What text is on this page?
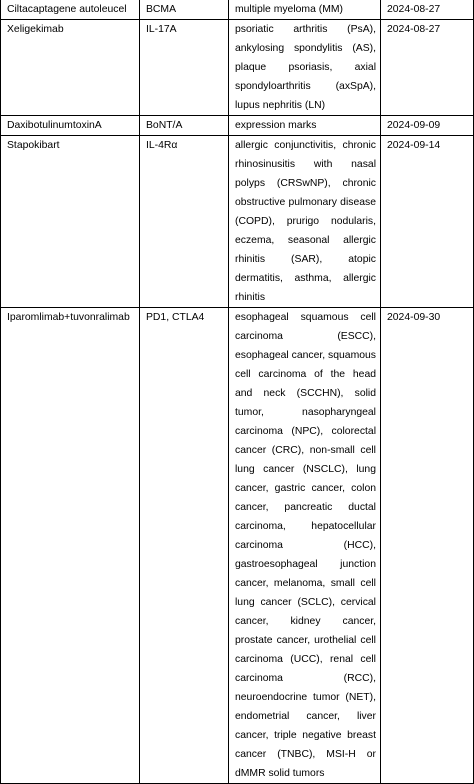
Ciltacaptagene autoleucel	BCMA	multiple myeloma (MM)	2024-08-27
Xeligekimab	IL-17A	psoriatic arthritis (PsA), ankylosing spondylitis (AS), plaque psoriasis, axial spondyloarthritis (axSpA), lupus nephritis (LN)	2024-08-27
DaxibotulinumtoxinA	BoNT/A	expression marks	2024-09-09
Stapokibart	IL-4Rα	allergic conjunctivitis, chronic rhinosinusitis with nasal polyps (CRSwNP), chronic obstructive pulmonary disease (COPD), prurigo nodularis, eczema, seasonal allergic rhinitis (SAR), atopic dermatitis, asthma, allergic rhinitis	2024-09-14
Iparomlimab+tuvonralimab	PD1, CTLA4	esophageal squamous cell carcinoma (ESCC), esophageal cancer, squamous cell carcinoma of the head and neck (SCCHN), solid tumor, nasopharyngeal carcinoma (NPC), colorectal cancer (CRC), non-small cell lung cancer (NSCLC), lung cancer, gastric cancer, colon cancer, pancreatic ductal carcinoma, hepatocellular carcinoma (HCC), gastroesophageal junction cancer, melanoma, small cell lung cancer (SCLC), cervical cancer, kidney cancer, prostate cancer, urothelial cell carcinoma (UCC), renal cell carcinoma (RCC), neuroendocrine tumor (NET), endometrial cancer, liver cancer, triple negative breast cancer (TNBC), MSI-H or dMMR solid tumors	2024-09-30
